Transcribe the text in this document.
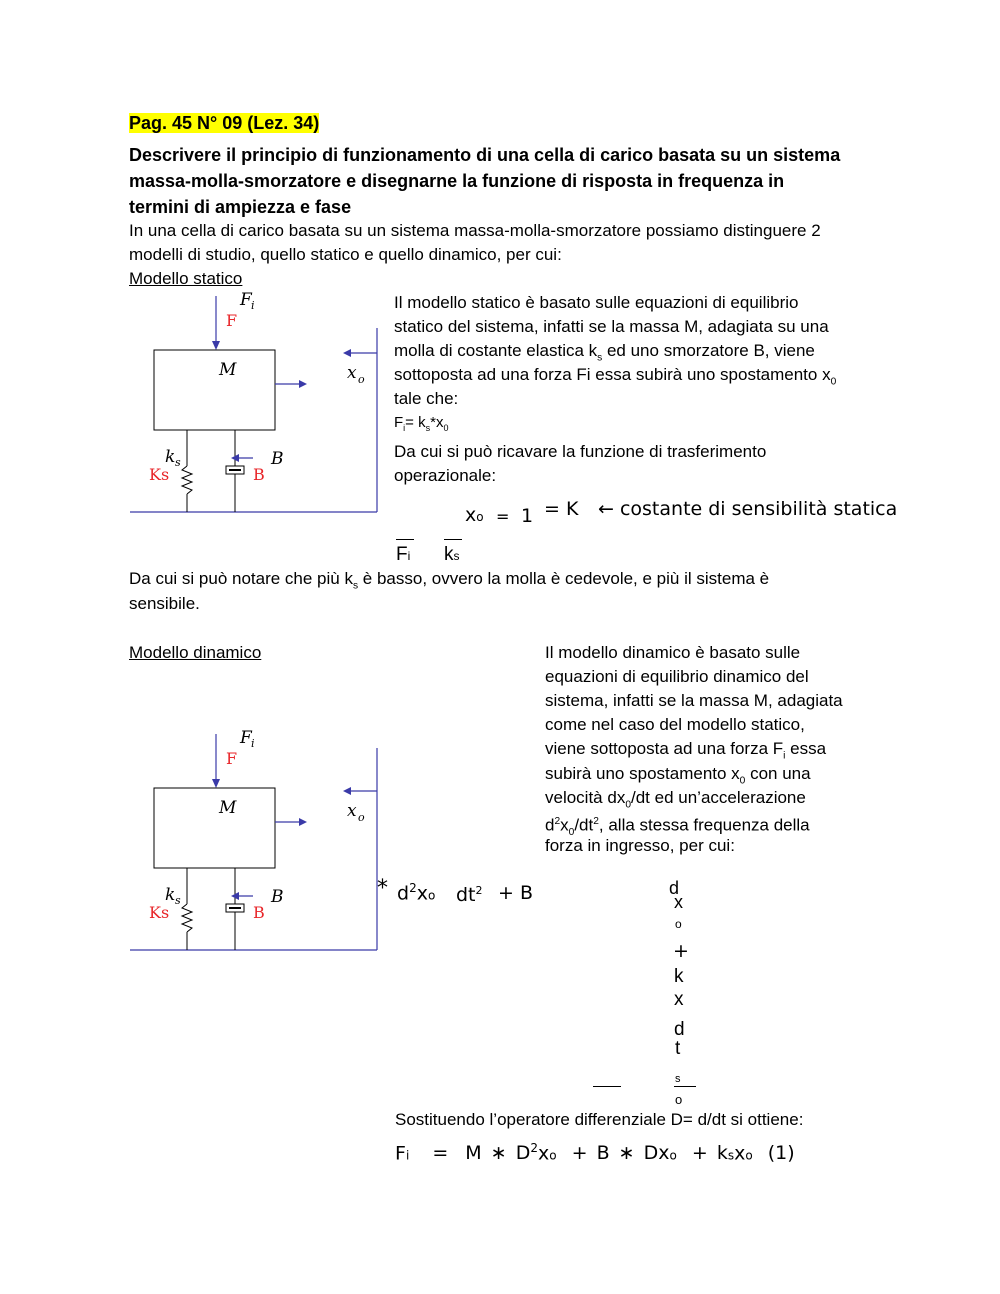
Pag. 45 N° 09 (Lez. 34)
Descrivere il principio di funzionamento di una cella di carico basata su un sistema
massa-molla-smorzatore e disegnarne la funzione di risposta in frequenza in
termini di ampiezza e fase
In una cella di carico basata su un sistema massa-molla-smorzatore possiamo distinguere 2
modelli di studio, quello statico e quello dinamico, per cui:
Modello statico
F i
F
M	x o
k s
Ks
B
B
Il modello statico è basato sulle equazioni di equilibrio
statico del sistema, infatti se la massa M, adagiata su una
molla di costante elastica $k_s$ ed uno smorzatore B, viene
sottoposta ad una forza Fi essa subirà uno spostamento $x_0$
tale che:
$F_i= k_s*x_0$
Da cui si può ricavare la funzione di trasferimento
operazionale:
xo = 1 = K ← costante di sensibilità statica
Fi ks
Da cui si può notare che più $k_s$ è basso, ovvero la molla è cedevole, e più il sistema è
sensibile.
Modello dinamico	Il modello dinamico è basato sulle
equazioni di equilibrio dinamico del
sistema, infatti se la massa M, adagiata
come nel caso del modello statico,
viene sottoposta ad una forza $F_i$ essa
subirà uno spostamento $x_0$ con una
velocità $dx_0/dt$ ed un’accelerazione
$d^2x_0/dt^2$, alla stessa frequenza della
forza in ingresso, per cui:
F i
F
M	x o
k s
Ks
B
B
* $d^2xo$ $dt^2 + B$	d
x
o
+
k
x
d
t
s
o
Sostituendo l’operatore differenziale D= d/dt si ottiene:
Fi = M ∗ $D^2xo + B$ ∗ Dxo + ksxo (1)
